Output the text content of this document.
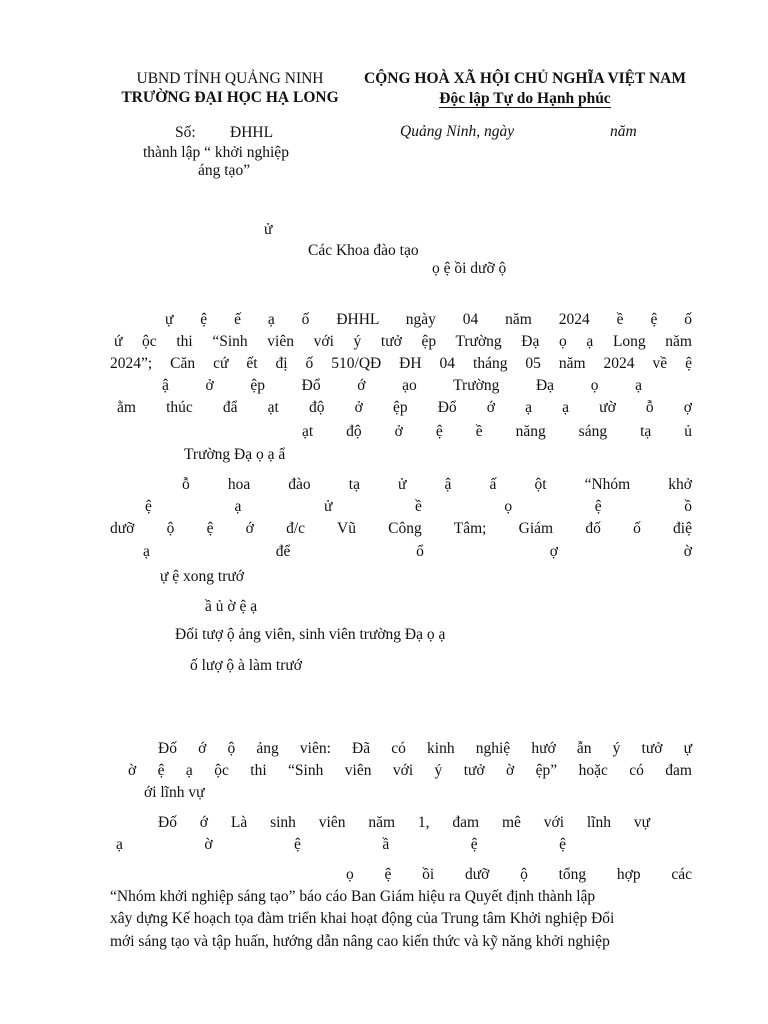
UBND TỈNH QUẢNG NINH
TRƯỜNG ĐẠI HỌC HẠ LONG
CỘNG HOÀ XÃ HỘI CHỦ NGHĨA VIỆT NAM
Độc lập Tự do Hạnh phúc
Số: ĐHHL
thành lập “ khởi nghiệp
áng tạo”
Quảng Ninh, ngày	năm
ử
Các Khoa đào tạo
ọ ệ ồi dưỡ ộ
ự ệ ế ạ ố ĐHHL ngày 04 năm 2024 ề ệ ố
ứ ộc thi “Sinh viên với ý tưở ệp Trường Đạ ọ ạ Long năm
2024”; Căn cứ ết đị ố 510/QĐ ĐH 04 tháng 05 năm 2024 về ệ
ậ ở ệp Đổ ớ ạo Trường Đạ ọ ạ
ằm thúc đẩ ạt độ ở ệp Đổ ớ ạ ạ ườ ỗ ợ
ạt độ ở ệ ề năng sáng tạ ủ
Trường Đạ ọ ạ ẩ
ỗ hoa đào tạ ử ậ ấ ột “Nhóm khở
ệ ạ ử ề ọ ệ ồ
dưỡ ộ ệ ớ đ/c Vũ Công Tâm; Giám đố ố điệ
ạ để ổ ợ ờ
ự ệ xong trướ
ầ ủ ờ ệ ạ
Đối tượ ộ ảng viên, sinh viên trường Đạ ọ ạ
ố lượ ộ à làm trướ
Đố ớ ộ ảng viên: Đã có kinh nghiệ hướ ẫn ý tưở ự
ờ ệ ạ ộc thi “Sinh viên với ý tưở ờ ệp” hoặc có đam
ới lĩnh vự
Đố ớ Là sinh viên năm 1, đam mê với lĩnh vự
ạ ờ ệ ầ ệ ệ
ọ ệ ồi dưỡ ộ tổng hợp các
“Nhóm khởi nghiệp sáng tạo” báo cáo Ban Giám hiệu ra Quyết định thành lập
xây dựng Kế hoạch tọa đàm triển khai hoạt động của Trung tâm Khởi nghiệp Đổi
mới sáng tạo và tập huấn, hướng dẫn nâng cao kiến thức và kỹ năng khởi nghiệp
